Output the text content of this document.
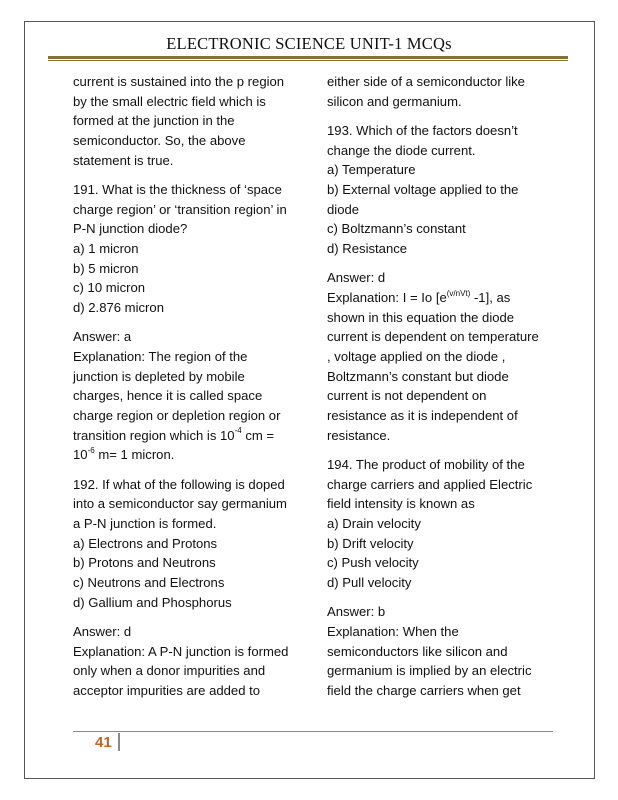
ELECTRONIC SCIENCE UNIT-1 MCQs
current is sustained into the p region
by the small electric field which is
formed at the junction in the
semiconductor. So, the above
statement is true.
191. What is the thickness of ‘space
charge region’ or ‘transition region’ in
P-N junction diode?
a) 1 micron
b) 5 micron
c) 10 micron
d) 2.876 micron
Answer: a
Explanation: The region of the
junction is depleted by mobile
charges, hence it is called space
charge region or depletion region or
transition region which is $10^{-4}$ cm =
$10^{-6}$ m= 1 micron.
192. If what of the following is doped
into a semiconductor say germanium
a P-N junction is formed.
a) Electrons and Protons
b) Protons and Neutrons
c) Neutrons and Electrons
d) Gallium and Phosphorus
Answer: d
Explanation: A P-N junction is formed
only when a donor impurities and
acceptor impurities are added to
either side of a semiconductor like
silicon and germanium.
193. Which of the factors doesn’t
change the diode current.
a) Temperature
b) External voltage applied to the
diode
c) Boltzmann’s constant
d) Resistance
Answer: d
Explanation: I = Io [$e^{(v/nVt)}$ -1], as
shown in this equation the diode
current is dependent on temperature
, voltage applied on the diode ,
Boltzmann’s constant but diode
current is not dependent on
resistance as it is independent of
resistance.
194. The product of mobility of the
charge carriers and applied Electric
field intensity is known as
a) Drain velocity
b) Drift velocity
c) Push velocity
d) Pull velocity
Answer: b
Explanation: When the
semiconductors like silicon and
germanium is implied by an electric
field the charge carriers when get
41
